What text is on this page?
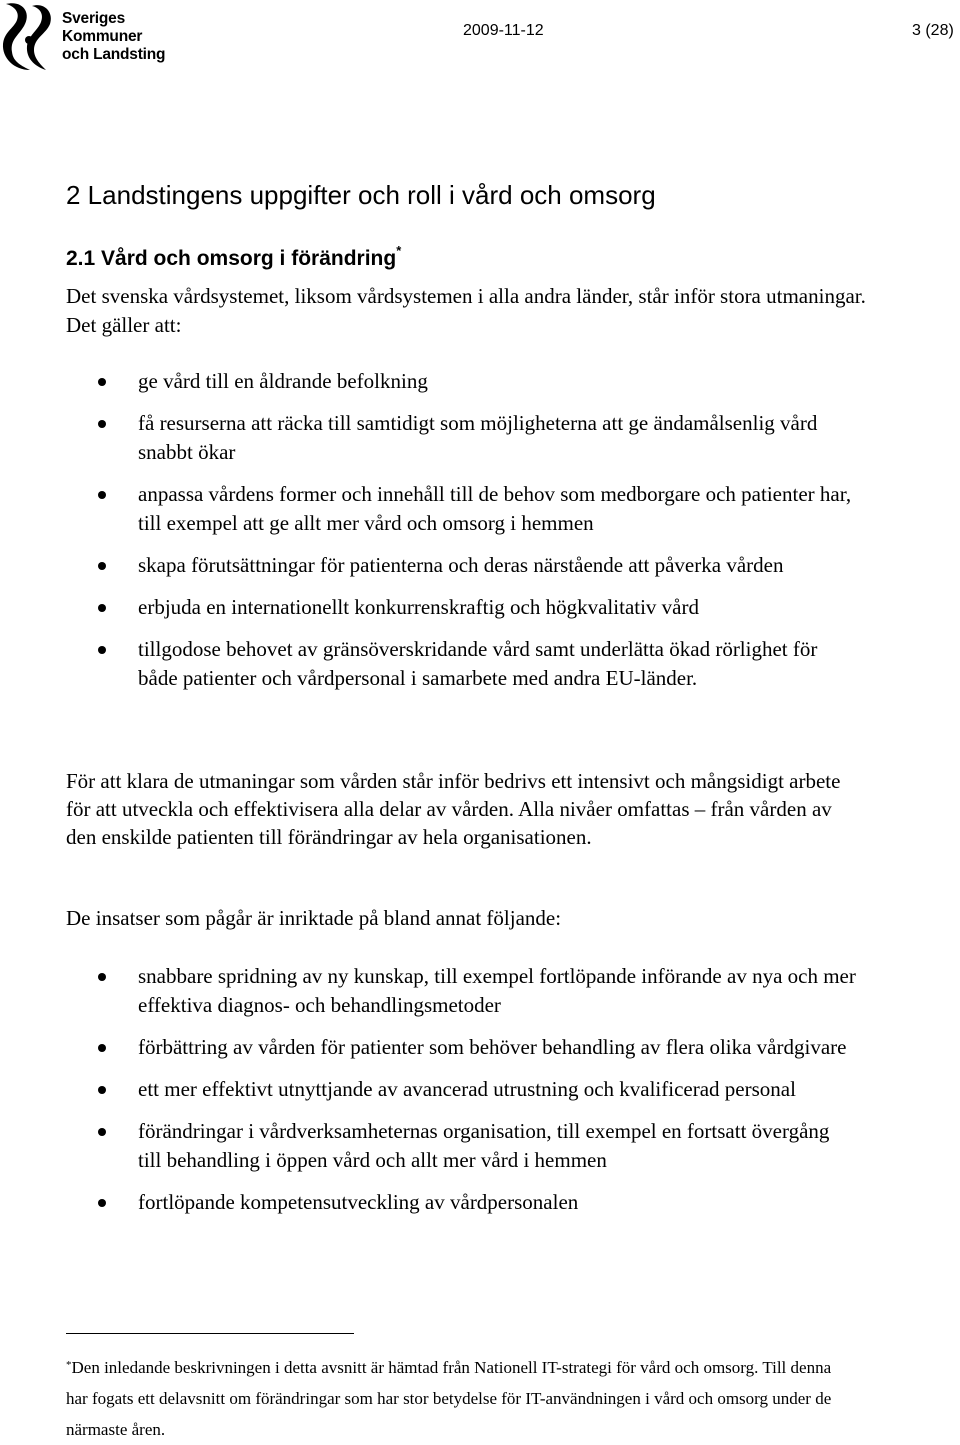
Sveriges
Kommuner
och Landsting
2009-11-12	3 (28)
2 Landstingens uppgifter och roll i vård och omsorg
2.1 Vård och omsorg i förändring*

Det svenska vårdsystemet, liksom vårdsystemen i alla andra länder, står inför stora utmaningar. Det gäller att:

ge vård till en åldrande befolkning
få resurserna att räcka till samtidigt som möjligheterna att ge ändamålsenlig vård snabbt ökar
anpassa vårdens former och innehåll till de behov som medborgare och patienter har, till exempel att ge allt mer vård och omsorg i hemmen
skapa förutsättningar för patienterna och deras närstående att påverka vården
erbjuda en internationellt konkurrenskraftig och högkvalitativ vård
tillgodose behovet av gränsöverskridande vård samt underlätta ökad rörlighet för både patienter och vårdpersonal i samarbete med andra EU-länder.

För att klara de utmaningar som vården står inför bedrivs ett intensivt och mångsidigt arbete för att utveckla och effektivisera alla delar av vården. Alla nivåer omfattas – från vården av den enskilde patienten till förändringar av hela organisationen.

De insatser som pågår är inriktade på bland annat följande:

snabbare spridning av ny kunskap, till exempel fortlöpande införande av nya och mer effektiva diagnos- och behandlingsmetoder
förbättring av vården för patienter som behöver behandling av flera olika vårdgivare
ett mer effektivt utnyttjande av avancerad utrustning och kvalificerad personal
förändringar i vårdverksamheternas organisation, till exempel en fortsatt övergång till behandling i öppen vård och allt mer vård i hemmen
fortlöpande kompetensutveckling av vårdpersonalen

*Den inledande beskrivningen i detta avsnitt är hämtad från Nationell IT-strategi för vård och omsorg. Till denna har fogats ett delavsnitt om förändringar som har stor betydelse för IT-användningen i vård och omsorg under de närmaste åren.
